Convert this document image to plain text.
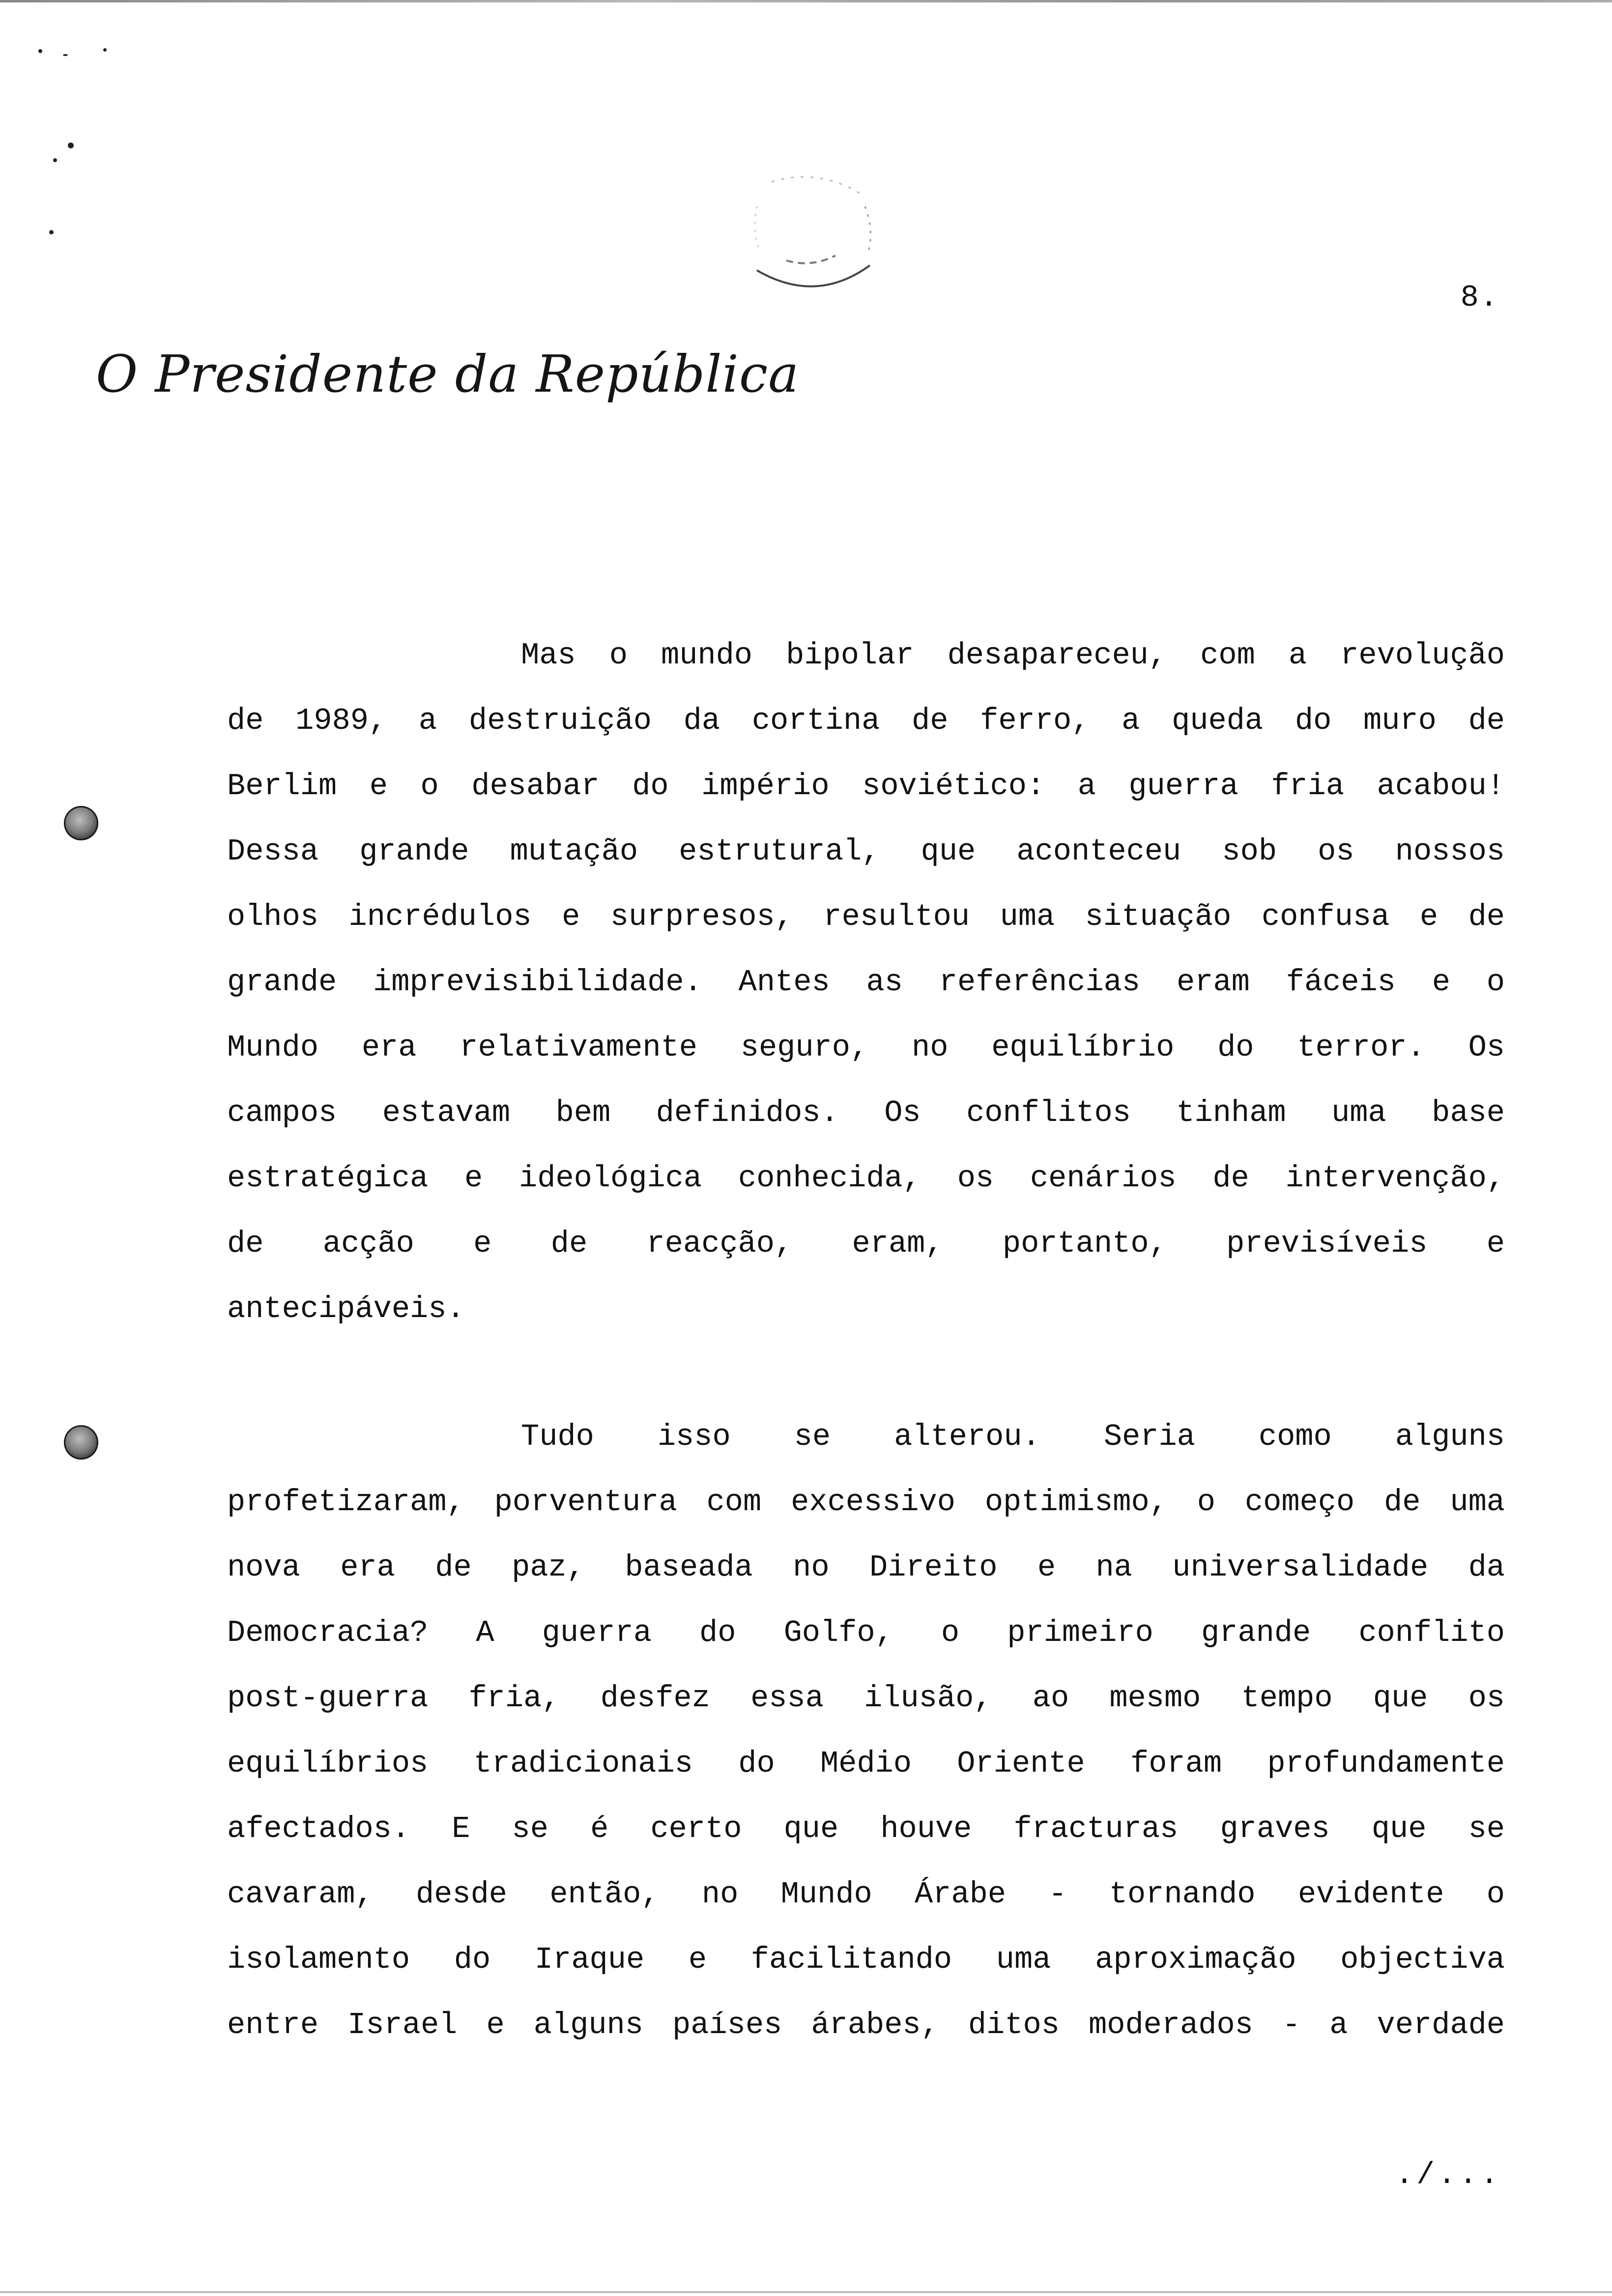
8.
O Presidente da República
Mas o mundo bipolar desapareceu, com a revolução
de 1989, a destruição da cortina de ferro, a queda do muro de
Berlim e o desabar do império soviético: a guerra fria acabou!
Dessa grande mutação estrutural, que aconteceu sob os nossos
olhos incrédulos e surpresos, resultou uma situação confusa e de
grande imprevisibilidade. Antes as referências eram fáceis e o
Mundo era relativamente seguro, no equilíbrio do terror. Os
campos estavam bem definidos. Os conflitos tinham uma base
estratégica e ideológica conhecida, os cenários de intervenção,
de acção e de reacção, eram, portanto, previsíveis e
antecipáveis.
Tudo isso se alterou. Seria como alguns
profetizaram, porventura com excessivo optimismo, o começo de uma
nova era de paz, baseada no Direito e na universalidade da
Democracia? A guerra do Golfo, o primeiro grande conflito
post-guerra fria, desfez essa ilusão, ao mesmo tempo que os
equilíbrios tradicionais do Médio Oriente foram profundamente
afectados. E se é certo que houve fracturas graves que se
cavaram, desde então, no Mundo Árabe - tornando evidente o
isolamento do Iraque e facilitando uma aproximação objectiva
entre Israel e alguns países árabes, ditos moderados - a verdade
./...
